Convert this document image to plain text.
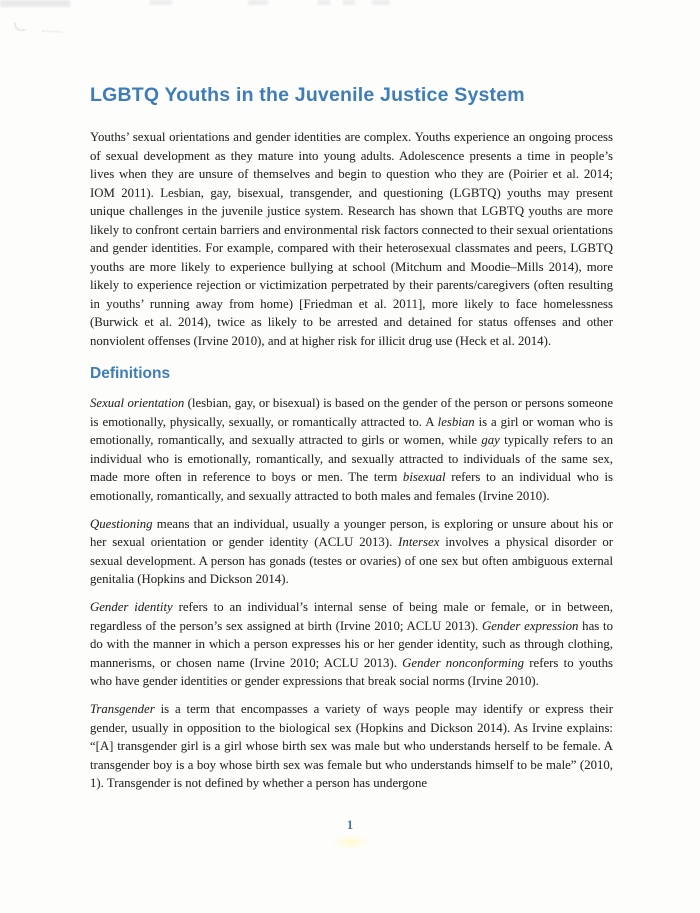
LGBTQ Youths in the Juvenile Justice System

Youths’ sexual orientations and gender identities are complex. Youths experience an ongoing process of sexual development as they mature into young adults. Adolescence presents a time in people’s lives when they are unsure of themselves and begin to question who they are (Poirier et al. 2014; IOM 2011). Lesbian, gay, bisexual, transgender, and questioning (LGBTQ) youths may present unique challenges in the juvenile justice system. Research has shown that LGBTQ youths are more likely to confront certain barriers and environmental risk factors connected to their sexual orientations and gender identities. For example, compared with their heterosexual classmates and peers, LGBTQ youths are more likely to experience bullying at school (Mitchum and Moodie–Mills 2014), more likely to experience rejection or victimization perpetrated by their parents/caregivers (often resulting in youths’ running away from home) [Friedman et al. 2011], more likely to face homelessness (Burwick et al. 2014), twice as likely to be arrested and detained for status offenses and other nonviolent offenses (Irvine 2010), and at higher risk for illicit drug use (Heck et al. 2014).

Definitions

Sexual orientation (lesbian, gay, or bisexual) is based on the gender of the person or persons someone is emotionally, physically, sexually, or romantically attracted to. A lesbian is a girl or woman who is emotionally, romantically, and sexually attracted to girls or women, while gay typically refers to an individual who is emotionally, romantically, and sexually attracted to individuals of the same sex, made more often in reference to boys or men. The term bisexual refers to an individual who is emotionally, romantically, and sexually attracted to both males and females (Irvine 2010).

Questioning means that an individual, usually a younger person, is exploring or unsure about his or her sexual orientation or gender identity (ACLU 2013). Intersex involves a physical disorder or sexual development. A person has gonads (testes or ovaries) of one sex but often ambiguous external genitalia (Hopkins and Dickson 2014).

Gender identity refers to an individual’s internal sense of being male or female, or in between, regardless of the person’s sex assigned at birth (Irvine 2010; ACLU 2013). Gender expression has to do with the manner in which a person expresses his or her gender identity, such as through clothing, mannerisms, or chosen name (Irvine 2010; ACLU 2013). Gender nonconforming refers to youths who have gender identities or gender expressions that break social norms (Irvine 2010).

Transgender is a term that encompasses a variety of ways people may identify or express their gender, usually in opposition to the biological sex (Hopkins and Dickson 2014). As Irvine explains: “[A] transgender girl is a girl whose birth sex was male but who understands herself to be female. A transgender boy is a boy whose birth sex was female but who understands himself to be male” (2010, 1). Transgender is not defined by whether a person has undergone

1
